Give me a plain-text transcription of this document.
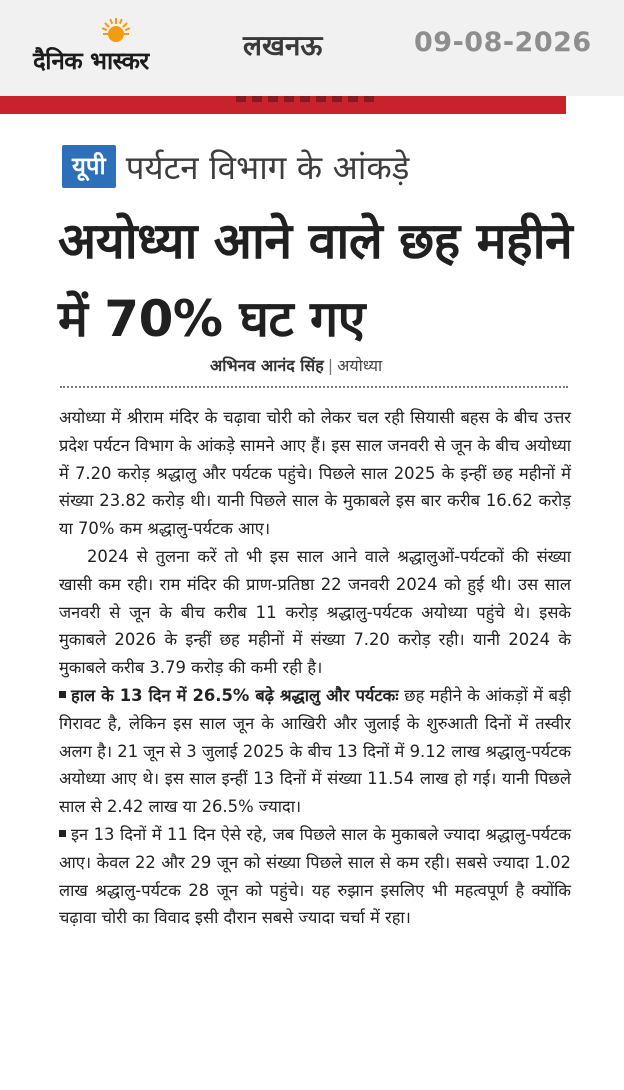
दैनिक भास्कर	लखनऊ	09-08-2026
यूपी पर्यटन विभाग के आंकड़े
अयोध्या आने वाले छह महीने में 70% घट गए
अभिनव आनंद सिंह | अयोध्या

अयोध्या में श्रीराम मंदिर के चढ़ावा चोरी को लेकर चल रही सियासी बहस के बीच उत्तर प्रदेश पर्यटन विभाग के आंकड़े सामने आए हैं। इस साल जनवरी से जून के बीच अयोध्या में 7.20 करोड़ श्रद्धालु और पर्यटक पहुंचे। पिछले साल 2025 के इन्हीं छह महीनों में संख्या 23.82 करोड़ थी। यानी पिछले साल के मुकाबले इस बार करीब 16.62 करोड़ या 70% कम श्रद्धालु-पर्यटक आए।

2024 से तुलना करें तो भी इस साल आने वाले श्रद्धालुओं-पर्यटकों की संख्या खासी कम रही। राम मंदिर की प्राण-प्रतिष्ठा 22 जनवरी 2024 को हुई थी। उस साल जनवरी से जून के बीच करीब 11 करोड़ श्रद्धालु-पर्यटक अयोध्या पहुंचे थे। इसके मुकाबले 2026 के इन्हीं छह महीनों में संख्या 7.20 करोड़ रही। यानी 2024 के मुकाबले करीब 3.79 करोड़ की कमी रही है।

हाल के 13 दिन में 26.5% बढ़े श्रद्धालु और पर्यटकः छह महीने के आंकड़ों में बड़ी गिरावट है, लेकिन इस साल जून के आखिरी और जुलाई के शुरुआती दिनों में तस्वीर अलग है। 21 जून से 3 जुलाई 2025 के बीच 13 दिनों में 9.12 लाख श्रद्धालु-पर्यटक अयोध्या आए थे। इस साल इन्हीं 13 दिनों में संख्या 11.54 लाख हो गई। यानी पिछले साल से 2.42 लाख या 26.5% ज्यादा।

इन 13 दिनों में 11 दिन ऐसे रहे, जब पिछले साल के मुकाबले ज्यादा श्रद्धालु-पर्यटक आए। केवल 22 और 29 जून को संख्या पिछले साल से कम रही। सबसे ज्यादा 1.02 लाख श्रद्धालु-पर्यटक 28 जून को पहुंचे। यह रुझान इसलिए भी महत्वपूर्ण है क्योंकि चढ़ावा चोरी का विवाद इसी दौरान सबसे ज्यादा चर्चा में रहा।
